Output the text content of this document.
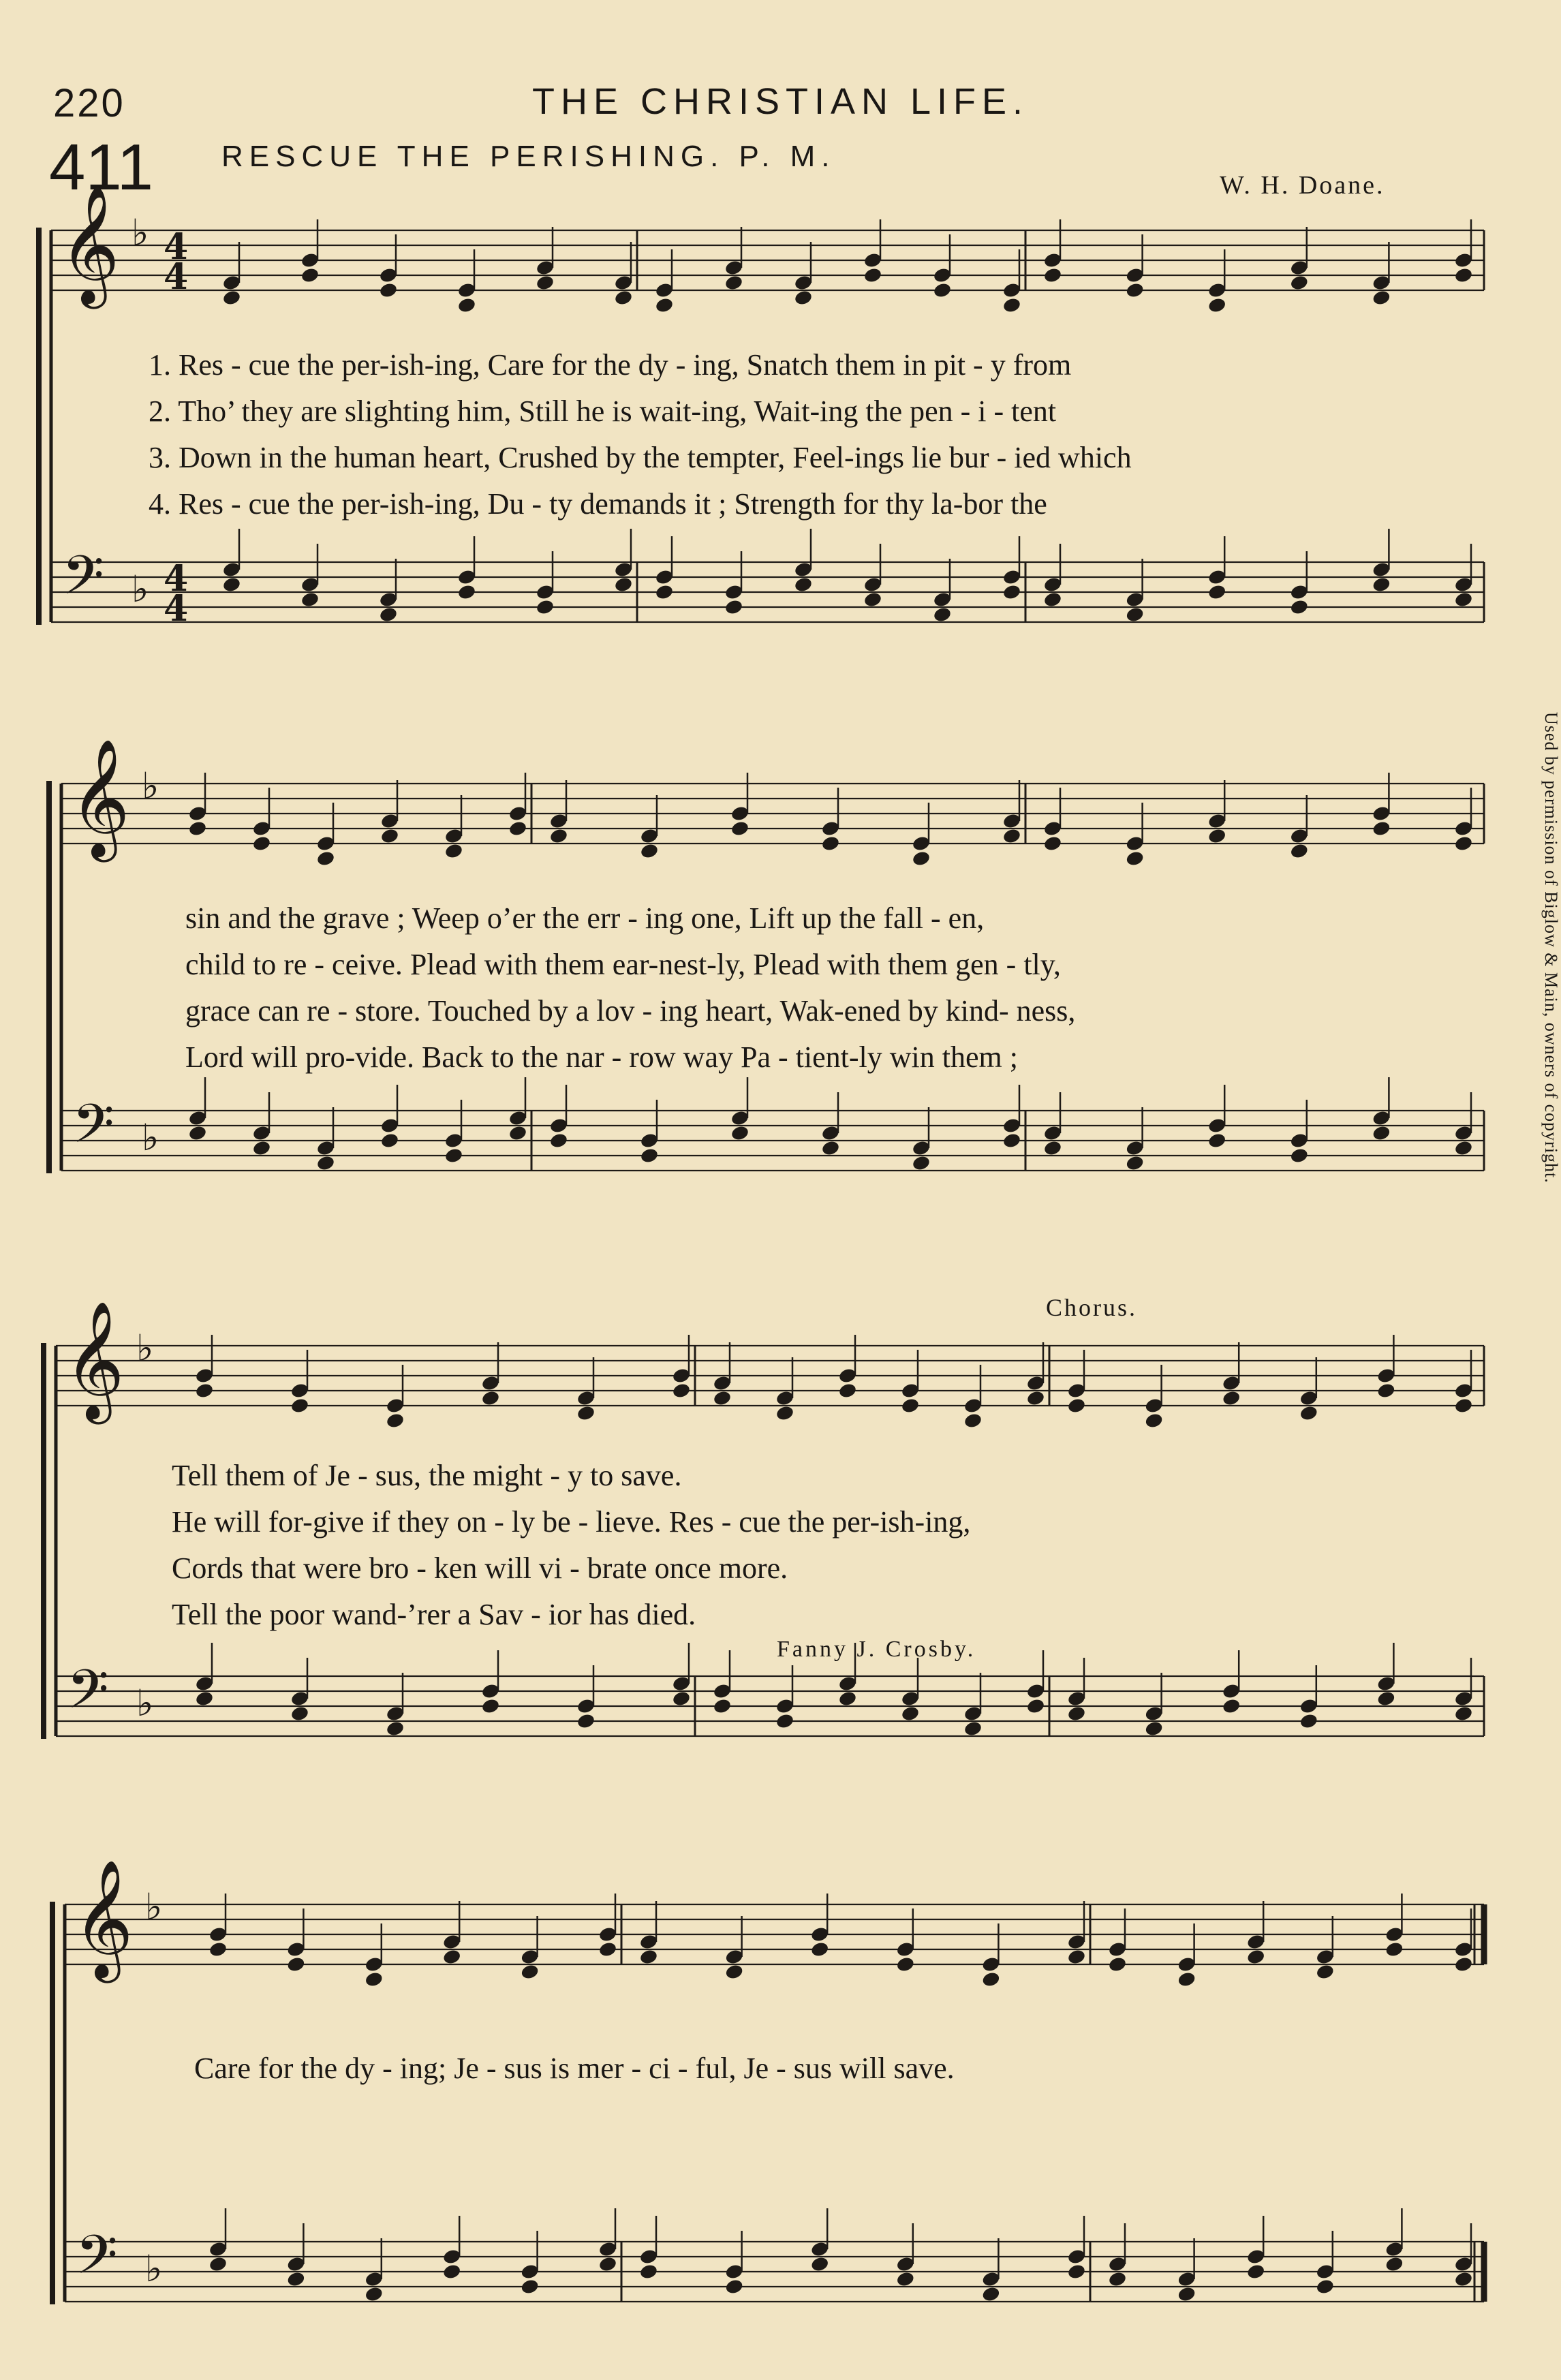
220	THE CHRISTIAN LIFE.
411 RESCUE THE PERISHING. P. M.
W. H. Doane.
Chorus.
Fanny J. Crosby.
Used by permission of Biglow & Main, owners of copyright.
1. Res - cue the per-ish-ing, Care for the dy - ing, Snatch them in pit - y from
2. Tho’ they are slighting him, Still he is wait-ing, Wait-ing the pen - i - tent
3. Down in the human heart, Crushed by the tempter, Feel-ings lie bur - ied which
4. Res - cue the per-ish-ing, Du - ty demands it ; Strength for thy la-bor the
sin and the grave ; Weep o’er the err - ing one, Lift up the fall - en,
child to re - ceive. Plead with them ear-nest-ly, Plead with them gen - tly,
grace can re - store. Touched by a lov - ing heart, Wak-ened by kind- ness,
Lord will pro-vide. Back to the nar - row way Pa - tient-ly win them ;
Tell them of Je - sus, the might - y to save.
He will for-give if they on - ly be - lieve. Res - cue the per-ish-ing,
Cords that were bro - ken will vi - brate once more.
Tell the poor wand-’rer a Sav - ior has died.
Care for the dy - ing; Je - sus is mer - ci - ful, Je - sus will save.
𝄞
𝄢
♭
♭
4
4
4
4
𝄞
𝄢
♭
♭
𝄞
𝄢
♭
♭
𝄞
𝄢
♭
♭
